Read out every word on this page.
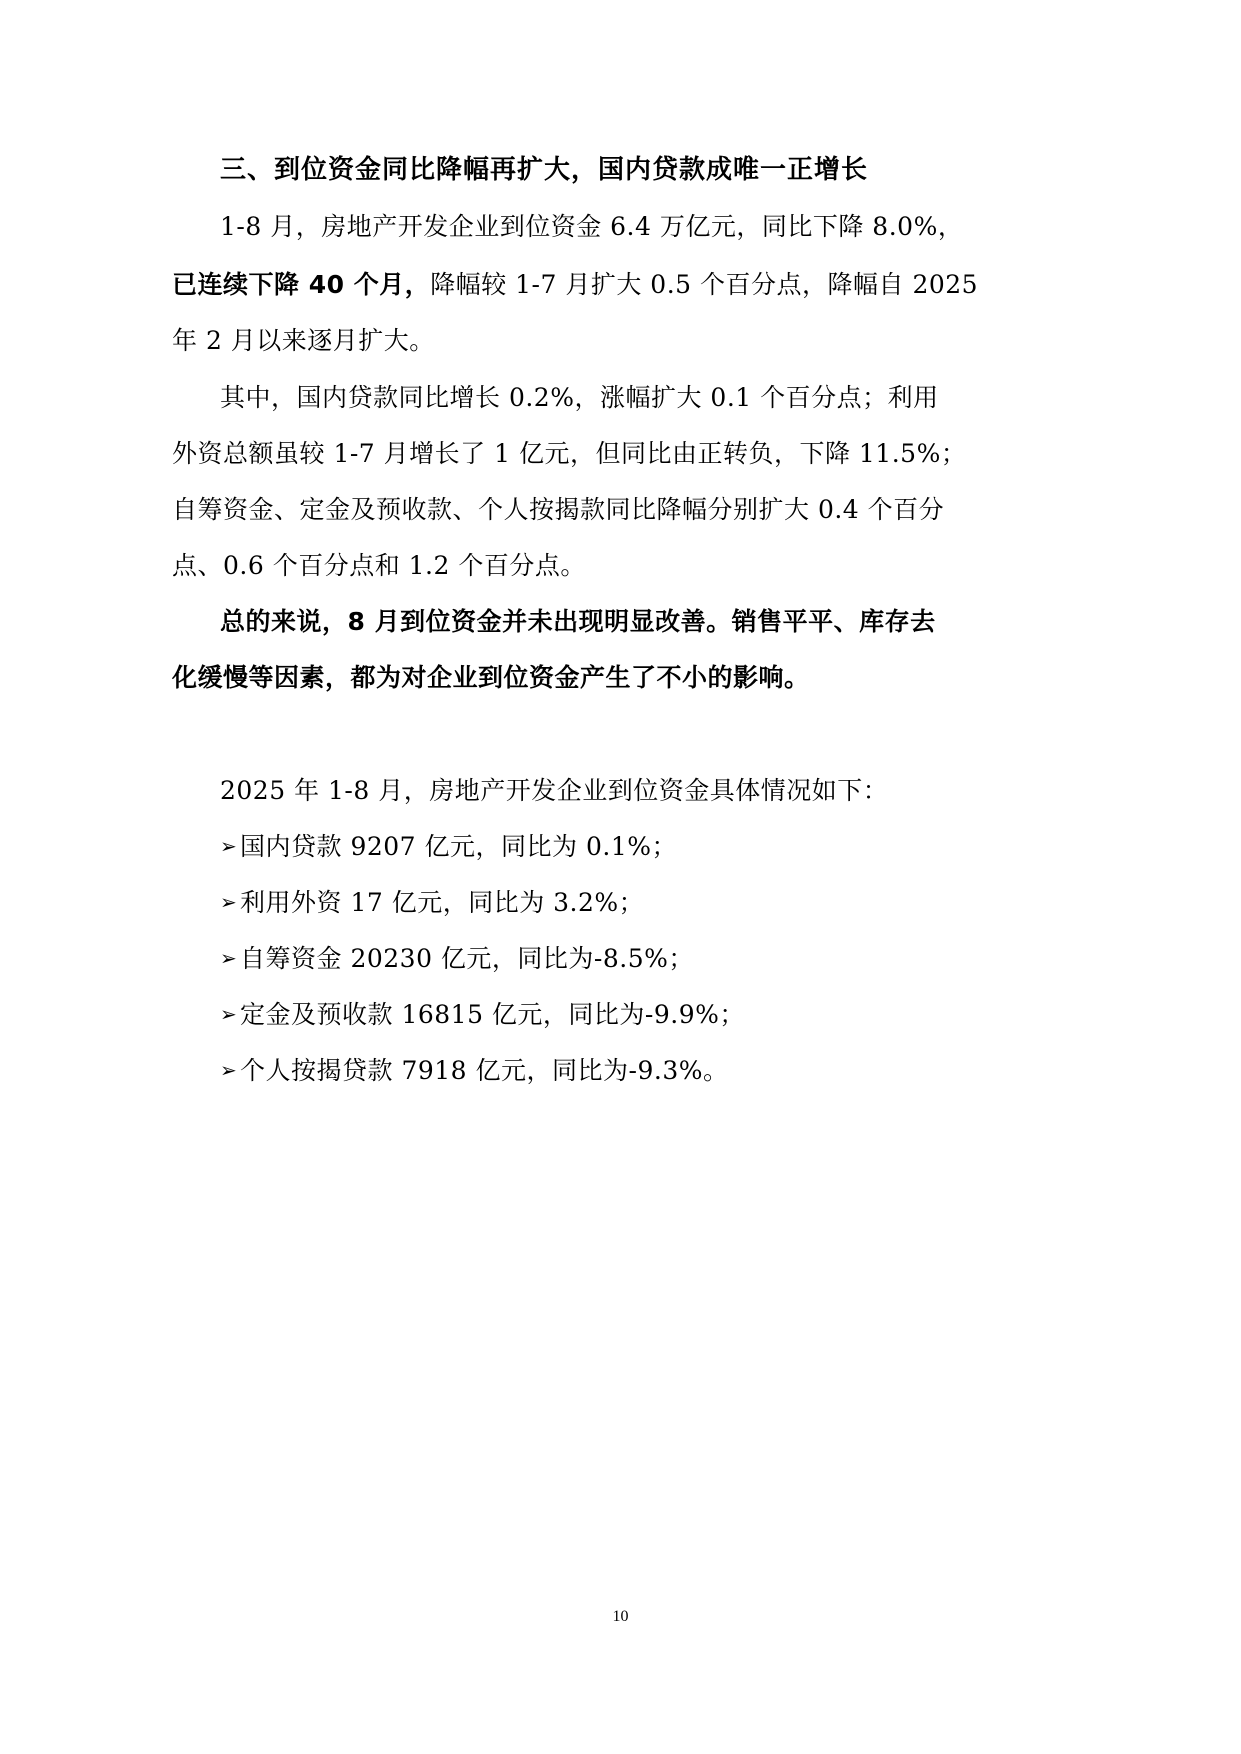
三、到位资金同比降幅再扩大，国内贷款成唯一正增长
1-8 月，房地产开发企业到位资金 6.4 万亿元，同比下降 8.0%，
已连续下降 40 个月，降幅较 1-7 月扩大 0.5 个百分点，降幅自 2025
年 2 月以来逐月扩大。
其中，国内贷款同比增长 0.2%，涨幅扩大 0.1 个百分点；利用
外资总额虽较 1-7 月增长了 1 亿元，但同比由正转负，下降 11.5%；
自筹资金、定金及预收款、个人按揭款同比降幅分别扩大 0.4 个百分
点、0.6 个百分点和 1.2 个百分点。
总的来说，8 月到位资金并未出现明显改善。销售平平、库存去
化缓慢等因素，都为对企业到位资金产生了不小的影响。
2025 年 1-8 月，房地产开发企业到位资金具体情况如下：
➢ 国内贷款 9207 亿元，同比为 0.1%；
➢ 利用外资 17 亿元，同比为 3.2%；
➢ 自筹资金 20230 亿元，同比为-8.5%；
➢ 定金及预收款 16815 亿元，同比为-9.9%；
➢ 个人按揭贷款 7918 亿元，同比为-9.3%。
10
